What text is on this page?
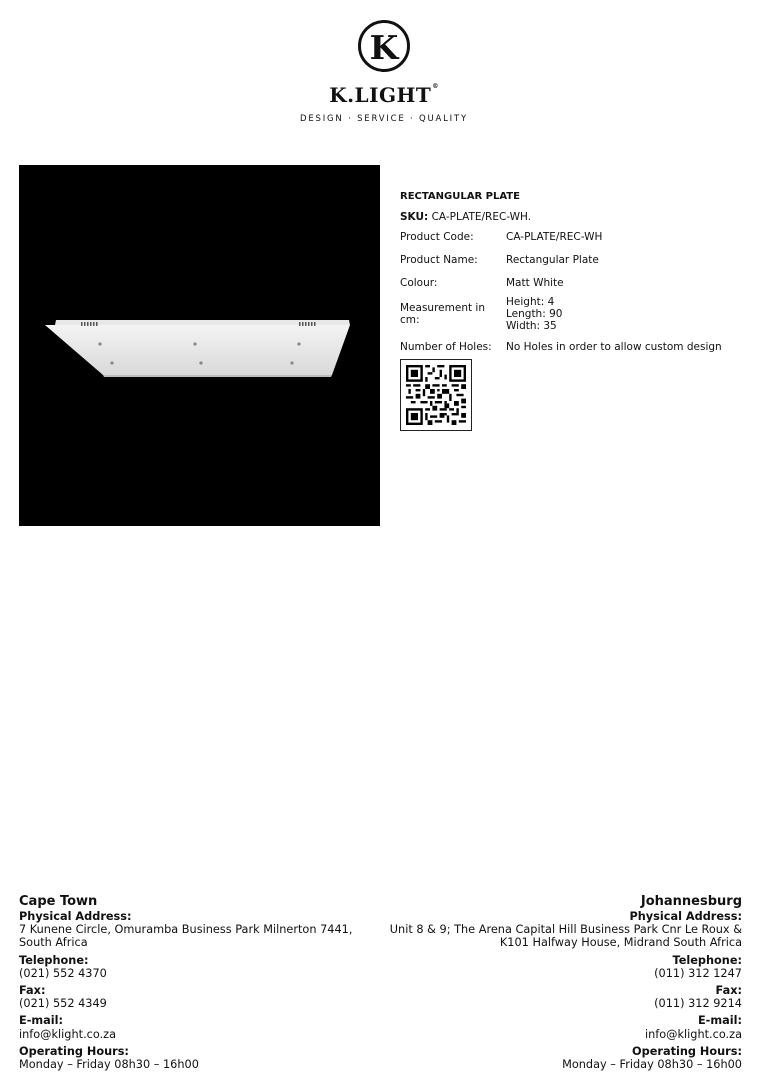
K
K.LIGHT®
DESIGN · SERVICE · QUALITY
RECTANGULAR PLATE
SKU: CA-PLATE/REC-WH.
Product Code:	CA-PLATE/REC-WH
Product Name:	Rectangular Plate
Colour:	Matt White
Measurement in cm:
Height: 4
Length: 90
Width: 35
Number of Holes:	No Holes in order to allow custom design
Cape Town
Physical Address:
7 Kunene Circle, Omuramba Business Park Milnerton 7441, South Africa
Telephone:
(021) 552 4370
Fax:
(021) 552 4349
E-mail:
info@klight.co.za
Operating Hours:
Monday – Friday 08h30 – 16h00
Johannesburg
Physical Address:
Unit 8 & 9; The Arena Capital Hill Business Park Cnr Le Roux & K101 Halfway House, Midrand South Africa
Telephone:
(011) 312 1247
Fax:
(011) 312 9214
E-mail:
info@klight.co.za
Operating Hours:
Monday – Friday 08h30 – 16h00
